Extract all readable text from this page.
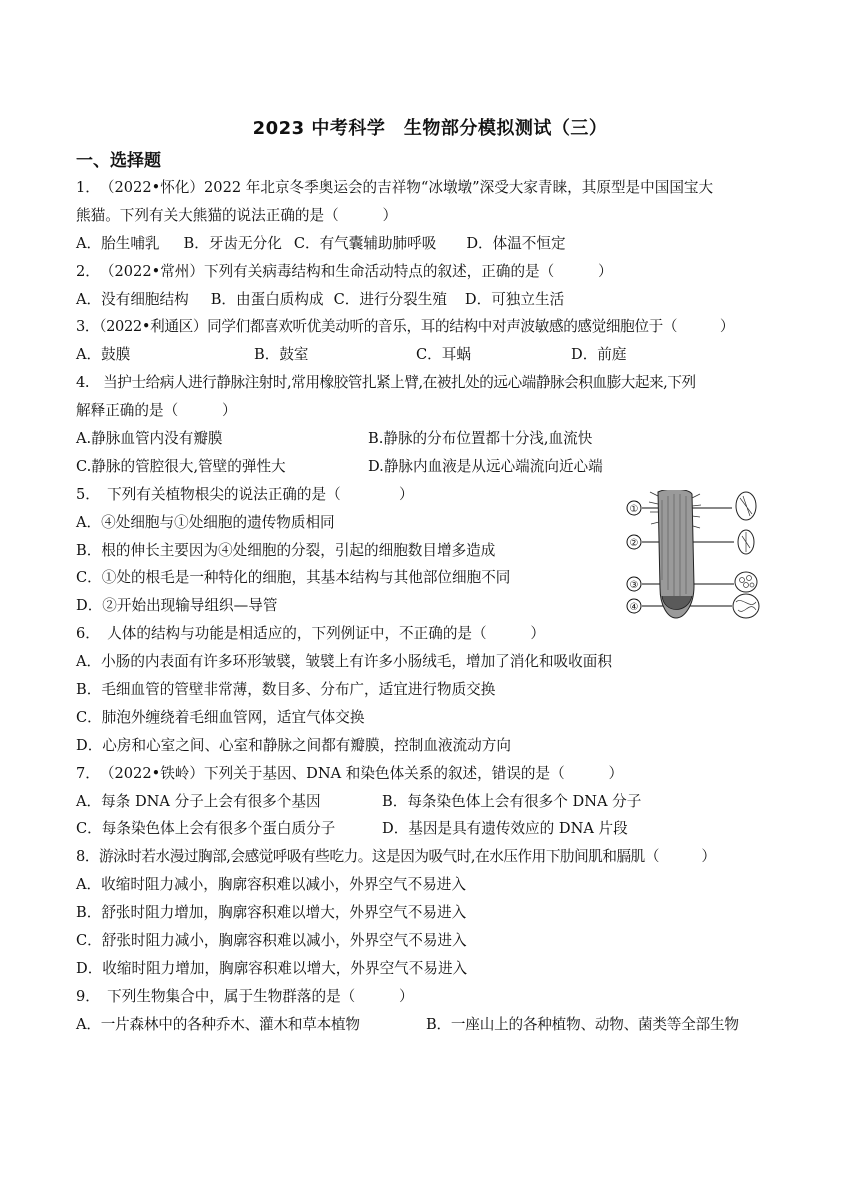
2023 中考科学　生物部分模拟测试（三）
一、选择题
1．　（2022•怀化）2022 年北京冬季奥运会的吉祥物“冰墩墩”深受大家青睐，其原型是中国国宝大
熊猫。下列有关大熊猫的说法正确的是（　　　）
A．胎生哺乳 B．牙齿无分化 C．有气囊辅助肺呼吸 D．体温不恒定
2．　（2022•常州）下列有关病毒结构和生命活动特点的叙述，正确的是（　　　）
A．没有细胞结构 B．由蛋白质构成 C．进行分裂生殖 D．可独立生活
3．（2022•利通区）同学们都喜欢听优美动听的音乐，耳的结构中对声波敏感的感觉细胞位于（　　　）
A．鼓膜	B．鼓室	C．耳蜗	D．前庭
4.　当护士给病人进行静脉注射时,常用橡胶管扎紧上臂,在被扎处的远心端静脉会积血膨大起来,下列
解释正确的是（　　　）
A.静脉血管内没有瓣膜	B.静脉的分布位置都十分浅,血流快
C.静脉的管腔很大,管壁的弹性大	D.静脉内血液是从远心端流向近心端
5．　下列有关植物根尖的说法正确的是（　　　　）
A．④处细胞与①处细胞的遗传物质相同
B．根的伸长主要因为④处细胞的分裂，引起的细胞数目增多造成
C．①处的根毛是一种特化的细胞，其基本结构与其他部位细胞不同
D．②开始出现输导组织—导管
6．　人体的结构与功能是相适应的，下列例证中，不正确的是（　　　）
A．小肠的内表面有许多环形皱襞，皱襞上有许多小肠绒毛，增加了消化和吸收面积
B．毛细血管的管壁非常薄，数目多、分布广，适宜进行物质交换
C．肺泡外缠绕着毛细血管网，适宜气体交换
D．心房和心室之间、心室和静脉之间都有瓣膜，控制血液流动方向
7．　（2022•铁岭）下列关于基因、DNA 和染色体关系的叙述，错误的是（　　　）
A．每条 DNA 分子上会有很多个基因	B．每条染色体上会有很多个 DNA 分子
C．每条染色体上会有很多个蛋白质分子	D．基因是具有遗传效应的 DNA 片段
8．游泳时若水漫过胸部,会感觉呼吸有些吃力。这是因为吸气时,在水压作用下肋间肌和膈肌（　　　）
A．收缩时阻力减小，胸廓容积难以减小，外界空气不易进入
B．舒张时阻力增加，胸廓容积难以增大，外界空气不易进入
C．舒张时阻力减小，胸廓容积难以减小，外界空气不易进入
D．收缩时阻力增加，胸廓容积难以增大，外界空气不易进入
9．　下列生物集合中，属于生物群落的是（　　　）
A．一片森林中的各种乔木、灌木和草本植物	B．一座山上的各种植物、动物、菌类等全部生物
①
②
③
④
